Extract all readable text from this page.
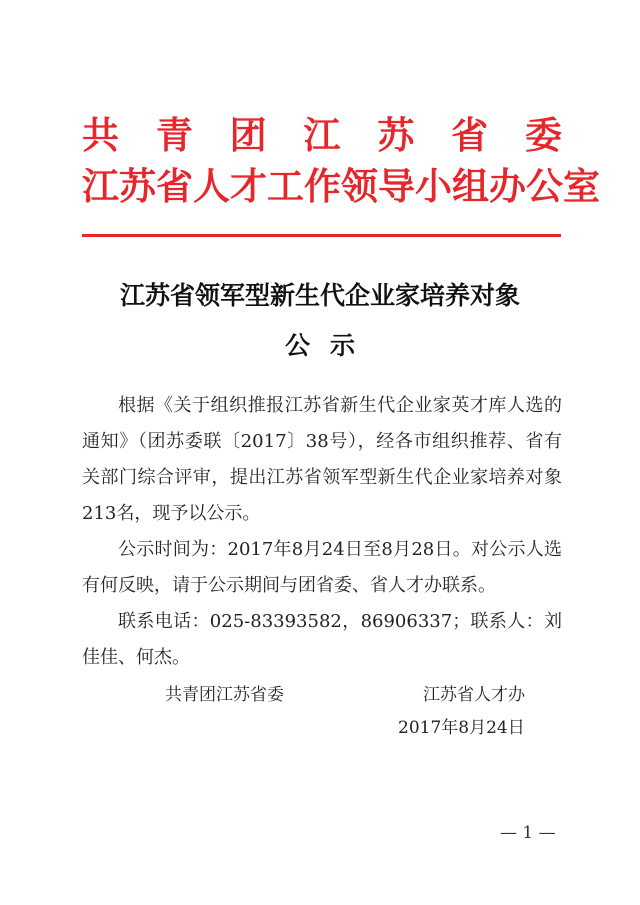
共 青 团 江 苏 省 委
江 苏 省 人 才 工 作 领 导 小 组 办 公 室
江苏省领军型新生代企业家培养对象
公示

根据《关于组织推报江苏省新生代企业家英才库人选的通知》（团苏委联〔2017〕38号），经各市组织推荐、省有关部门综合评审，提出江苏省领军型新生代企业家培养对象213名，现予以公示。

公示时间为：2017年8月24日至8月28日。对公示人选有何反映，请于公示期间与团省委、省人才办联系。

联系电话：025-83393582，86906337；联系人：刘佳佳、何杰。

共青团江苏省委	江苏省人才办
2017年8月24日
— 1 —
